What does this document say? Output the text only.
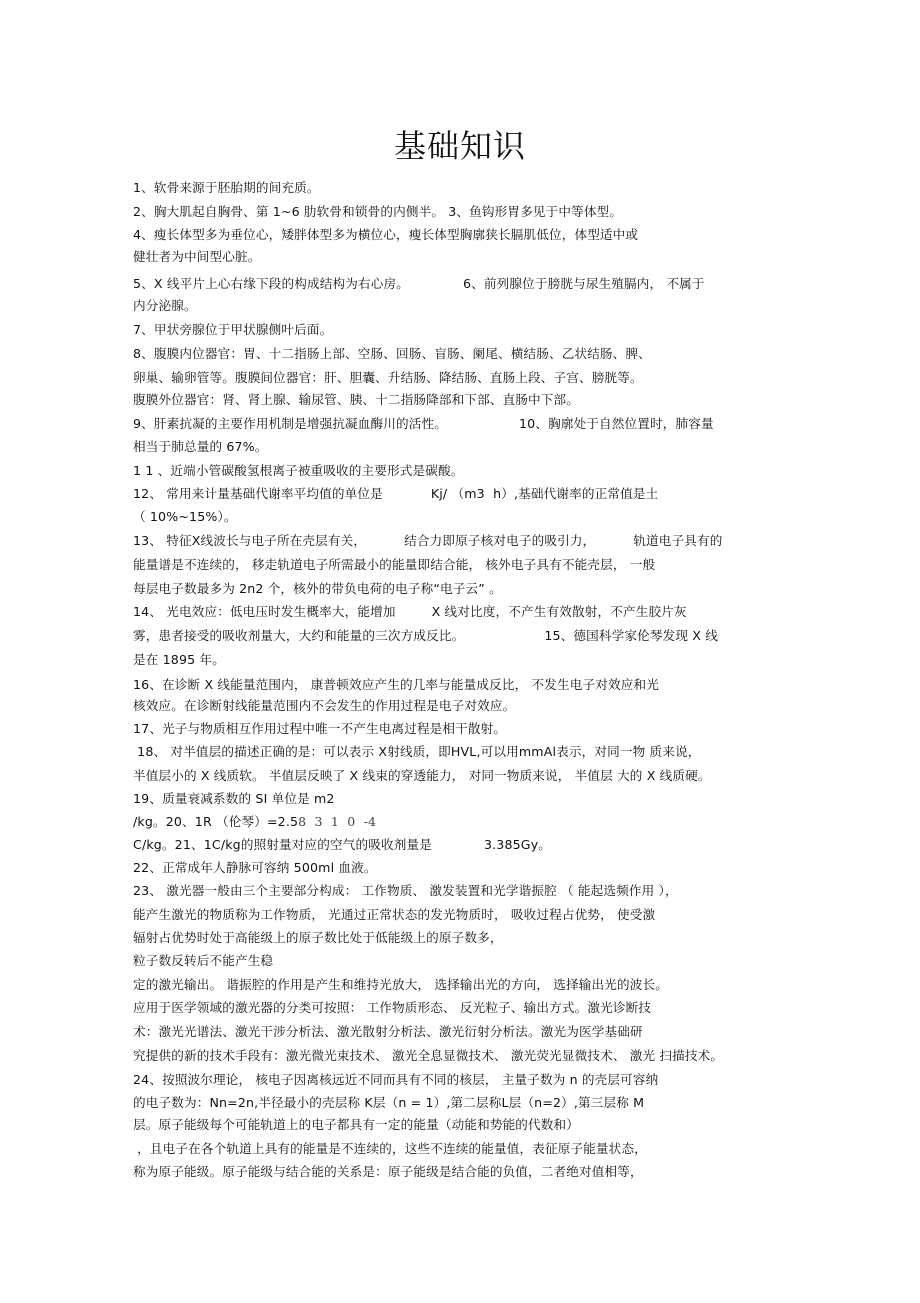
基础知识
1、软骨来源于胚胎期的间充质。
2、胸大肌起自胸骨、第 1~6 肋软骨和锁骨的内侧半。 3、鱼钩形胃多见于中等体型。
4、瘦长体型多为垂位心，矮胖体型多为横位心，瘦长体型胸廓狭长膈肌低位，体型适中或
健壮者为中间型心脏。
5、X 线平片上心右缘下段的构成结构为右心房。	6、前列腺位于膀胱与尿生殖膈内， 不属于
内分泌腺。
7、甲状旁腺位于甲状腺侧叶后面。
8、腹膜内位器官：胃、十二指肠上部、空肠、回肠、盲肠、阑尾、横结肠、乙状结肠、脾、
卵巢、输卵管等。腹膜间位器官：肝、胆囊、升结肠、降结肠、直肠上段、子宫、膀胱等。
腹膜外位器官：肾、肾上腺、输尿管、胰、十二指肠降部和下部、直肠中下部。
9、肝素抗凝的主要作用机制是增强抗凝血酶川的活性。	10、胸廓处于自然位置时，肺容量
相当于肺总量的 67%。
1 1 、近端小管碳酸氢根离子被重吸收的主要形式是碳酸。
12、 常用来计量基础代谢率平均值的单位是	Kj/ （m3  h）,基础代谢率的正常值是土
（ 10%~15%）。
13、 特征X线波长与电子所在壳层有关，	结合力即原子核对电子的吸引力，	轨道电子具有的
能量谱是不连续的， 移走轨道电子所需最小的能量即结合能， 核外电子具有不能壳层， 一般
每层电子数最多为 2n2 个，核外的带负电荷的电子称“电子云” 。
14、 光电效应：低电压时发生概率大，能增加	X 线对比度，不产生有效散射，不产生胶片灰
雾，患者接受的吸收剂量大，大约和能量的三次方成反比。	15、德国科学家伦琴发现 X 线
是在 1895 年。
16、在诊断 X 线能量范围内， 康普顿效应产生的几率与能量成反比， 不发生电子对效应和光
核效应。在诊断射线能量范围内不会发生的作用过程是电子对效应。
17、光子与物质相互作用过程中唯一不产生电离过程是相干散射。
18、 对半值层的描述正确的是：可以表示 X射线质，即HVL,可以用mmAl表示，对同一物 质来说，
半值层小的 X 线质软。 半值层反映了 X 线束的穿透能力， 对同一物质来说， 半值层 大的 X 线质硬。
19、质量衰减系数的 SI 单位是 m2
/kg。20、1R （伦琴）=2.58  3  1  0  -4
C/kg。21、1C/kg的照射量对应的空气的吸收剂量是	3.385Gy。
22、正常成年人静脉可容纳 500ml 血液。
23、 激光器一般由三个主要部分构成： 工作物质、 激发装置和光学谐振腔 （ 能起选频作用 ），
能产生激光的物质称为工作物质， 光通过正常状态的发光物质时， 吸收过程占优势， 使受激
辐射占优势时处于高能级上的原子数比处于低能级上的原子数多，
粒子数反转后不能产生稳
定的激光输出。 谐振腔的作用是产生和维持光放大， 选择输出光的方向， 选择输出光的波长。
应用于医学领域的激光器的分类可按照： 工作物质形态、 反光粒子、输出方式。激光诊断技
术：激光光谱法、激光干涉分析法、激光散射分析法、激光衍射分析法。激光为医学基础研
究提供的新的技术手段有：激光微光束技术、 激光全息显微技术、 激光荧光显微技术、 激光 扫描技术。
24、按照波尔理论， 核电子因离核远近不同而具有不同的核层， 主量子数为 n 的壳层可容纳
的电子数为：Nn=2n,半径最小的壳层称 K层（n = 1）,第二层称L层（n=2）,第三层称 M
层。原子能级每个可能轨道上的电子都具有一定的能量（动能和势能的代数和）
，且电子在各个轨道上具有的能量是不连续的，这些不连续的能量值，表征原子能量状态，
称为原子能级。原子能级与结合能的关系是：原子能级是结合能的负值，二者绝对值相等，
